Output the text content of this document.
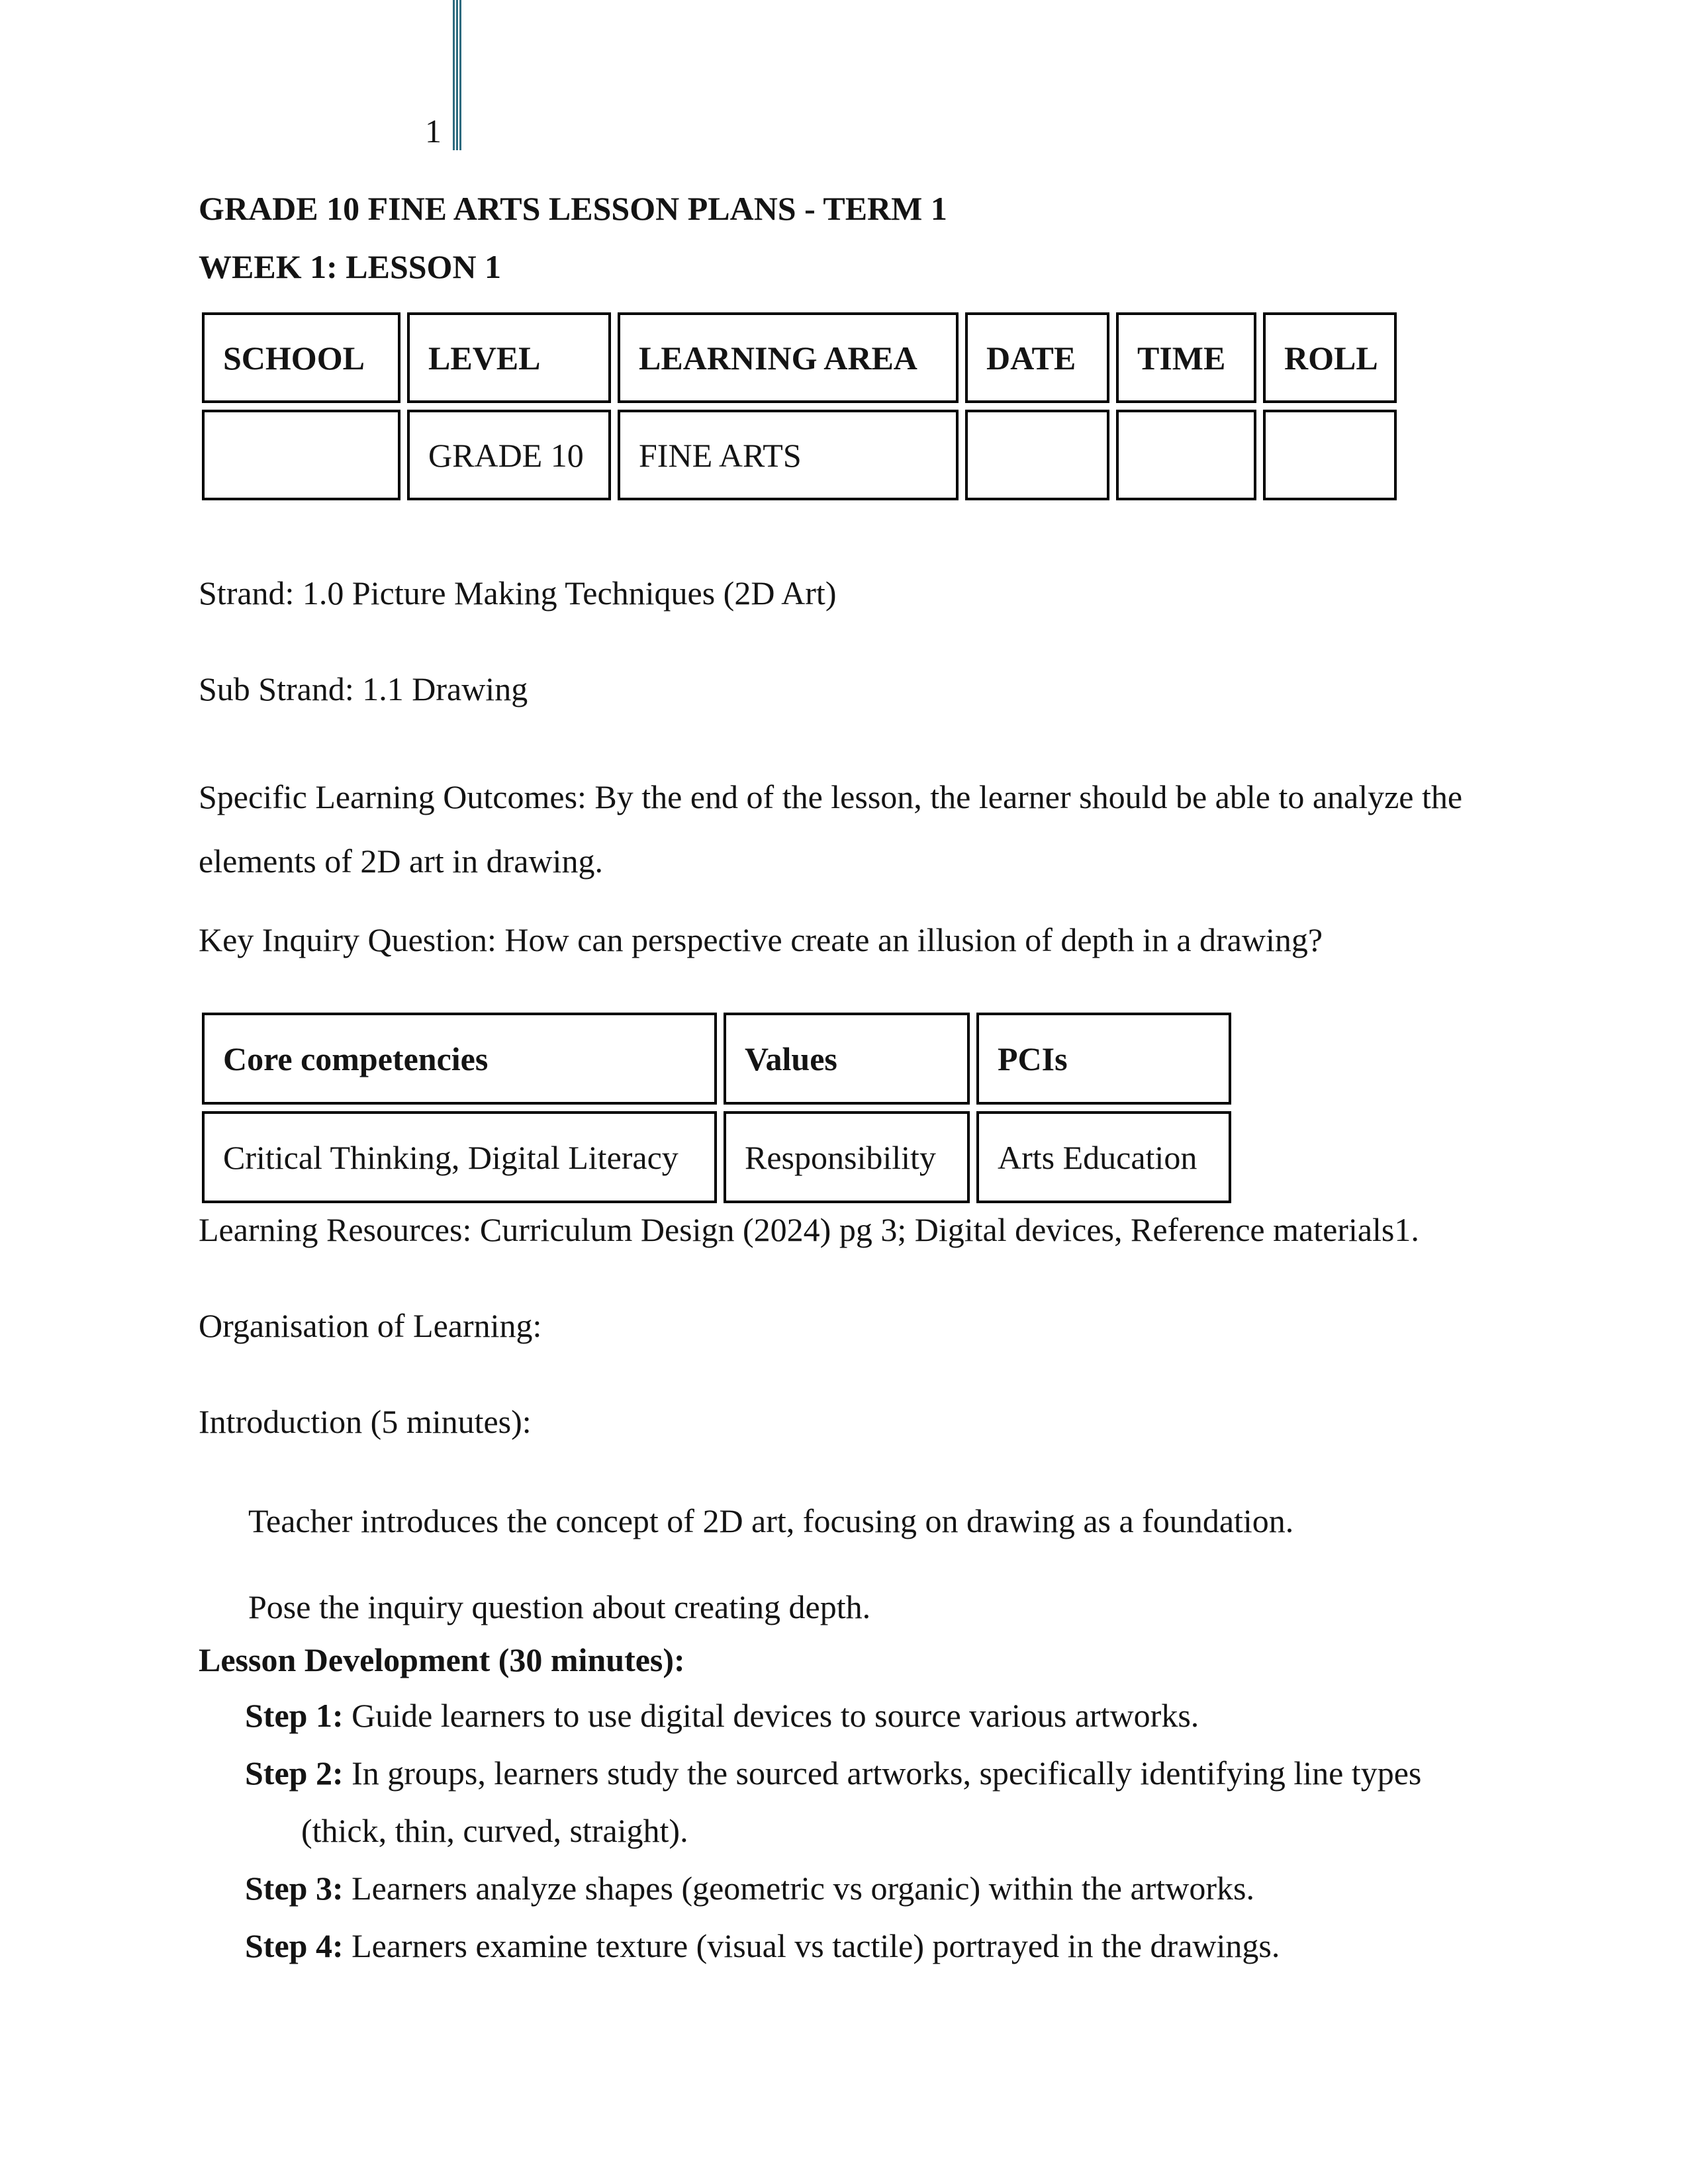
1

GRADE 10 FINE ARTS LESSON PLANS - TERM 1

WEEK 1: LESSON 1

SCHOOL	LEVEL	LEARNING AREA	DATE	TIME	ROLL
	GRADE 10	FINE ARTS			

Strand: 1.0 Picture Making Techniques (2D Art)

Sub Strand: 1.1 Drawing

Specific Learning Outcomes: By the end of the lesson, the learner should be able to analyze the elements of 2D art in drawing.

Key Inquiry Question: How can perspective create an illusion of depth in a drawing?

Core competencies	Values	PCIs
Critical Thinking, Digital Literacy	Responsibility	Arts Education

Learning Resources: Curriculum Design (2024) pg 3; Digital devices, Reference materials1.

Organisation of Learning:

Introduction (5 minutes):

Teacher introduces the concept of 2D art, focusing on drawing as a foundation.

Pose the inquiry question about creating depth.

Lesson Development (30 minutes):

Step 1: Guide learners to use digital devices to source various artworks.
Step 2: In groups, learners study the sourced artworks, specifically identifying line types
(thick, thin, curved, straight).
Step 3: Learners analyze shapes (geometric vs organic) within the artworks.
Step 4: Learners examine texture (visual vs tactile) portrayed in the drawings.
